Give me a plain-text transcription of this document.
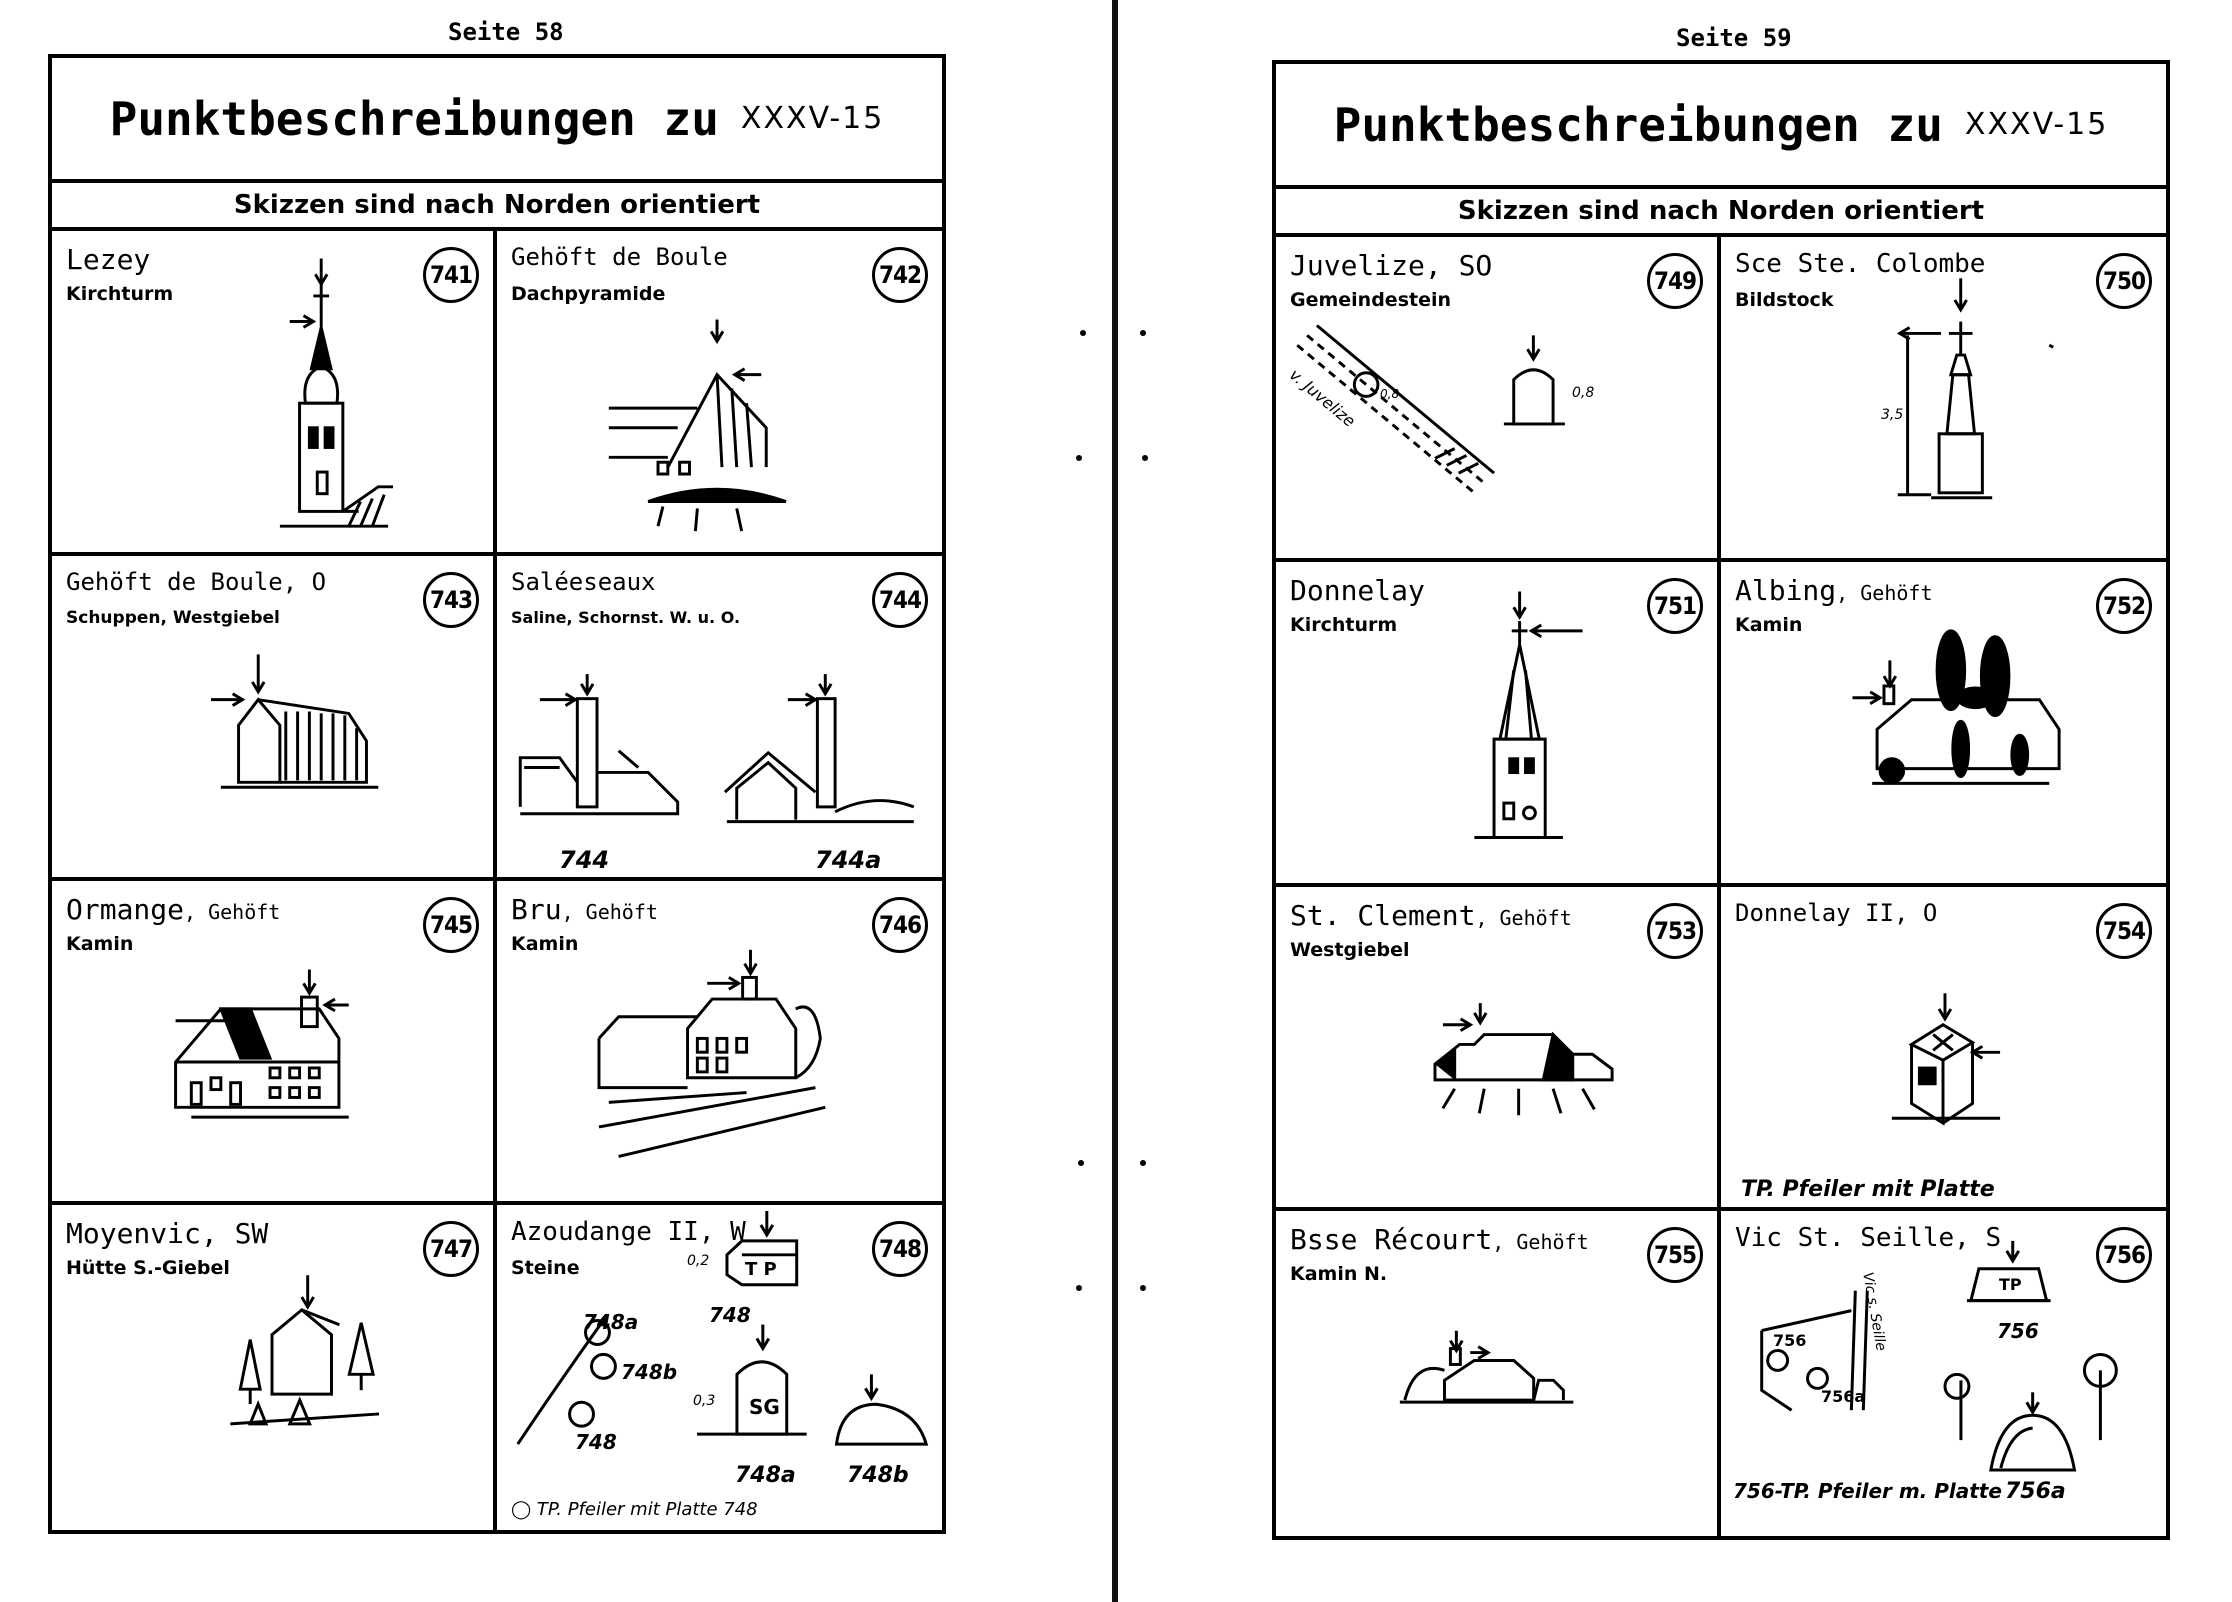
Seite 58
Punktbeschreibungen zu XXXV-15
Skizzen sind nach Norden orientiert
Lezey
Kirchturm
741
Gehöft de Boule
Dachpyramide
742
Gehöft de Boule, O
Schuppen, Westgiebel
743
Saléeseaux
Saline, Schornst. W. u. O.
744
744	744a
Ormange, Gehöft
Kamin
745 Bru, Gehöft
Kamin
746
Moyenvic, SW
Hütte S.-Giebel
747
Azoudange II, W
Steine
748
748a
748b
748
0,2 T P
748
0,3 SG
748a 748b
◯ TP. Pfeiler mit Platte 748
Seite 59
Punktbeschreibungen zu XXXV-15
Skizzen sind nach Norden orientiert
Juvelize, SO
Gemeindestein
749
v. Juvelize 0,8	0,8
Sce Ste. Colombe
Bildstock
750
3,5
Donnelay
Kirchturm
751 Albing, Gehöft
Kamin
752
St. Clement, Gehöft
Westgiebel
753
Donnelay II, O
754
TP. Pfeiler mit Platte
Bsse Récourt, Gehöft
Kamin N.
755
Vic St. Seille, S
756
Vic s. Seille
756	756
756a
TP
756a
756-TP. Pfeiler m. Platte
